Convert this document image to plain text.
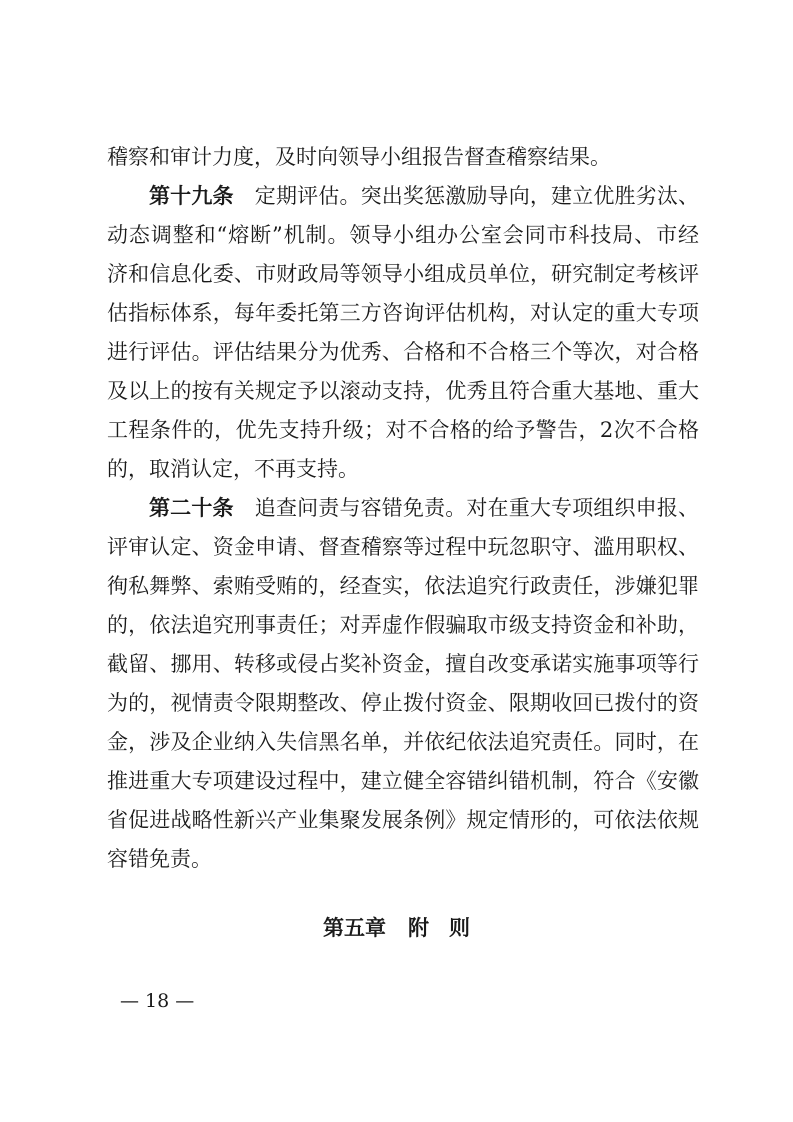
稽察和审计力度，及时向领导小组报告督查稽察结果。
第十九条  定期评估。突出奖惩激励导向，建立优胜劣汰、
动态调整和“熔断”机制。领导小组办公室会同市科技局、市经
济和信息化委、市财政局等领导小组成员单位，研究制定考核评
估指标体系，每年委托第三方咨询评估机构，对认定的重大专项
进行评估。评估结果分为优秀、合格和不合格三个等次，对合格
及以上的按有关规定予以滚动支持，优秀且符合重大基地、重大
工程条件的，优先支持升级；对不合格的给予警告，2次不合格
的，取消认定，不再支持。
第二十条  追查问责与容错免责。对在重大专项组织申报、
评审认定、资金申请、督查稽察等过程中玩忽职守、滥用职权、
徇私舞弊、索贿受贿的，经查实，依法追究行政责任，涉嫌犯罪
的，依法追究刑事责任；对弄虚作假骗取市级支持资金和补助，
截留、挪用、转移或侵占奖补资金，擅自改变承诺实施事项等行
为的，视情责令限期整改、停止拨付资金、限期收回已拨付的资
金，涉及企业纳入失信黑名单，并依纪依法追究责任。同时，在
推进重大专项建设过程中，建立健全容错纠错机制，符合《安徽
省促进战略性新兴产业集聚发展条例》规定情形的，可依法依规
容错免责。
第五章 附 则
— 18 —
